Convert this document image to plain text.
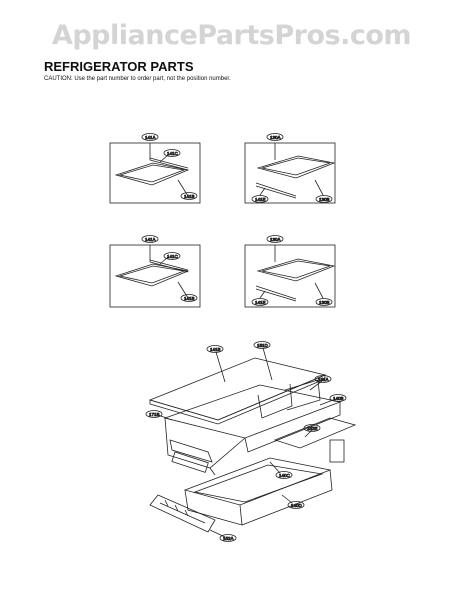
AppliancePartsPros.com
REFRIGERATOR PARTS
CAUTION: Use the part number to order part, not the position number.
141A
141C
141B
130A
141E	130B
141A
141C
141B
130A
141E	130B
141B
151D
151A
140B
171B
152E
140C
140D
152A
